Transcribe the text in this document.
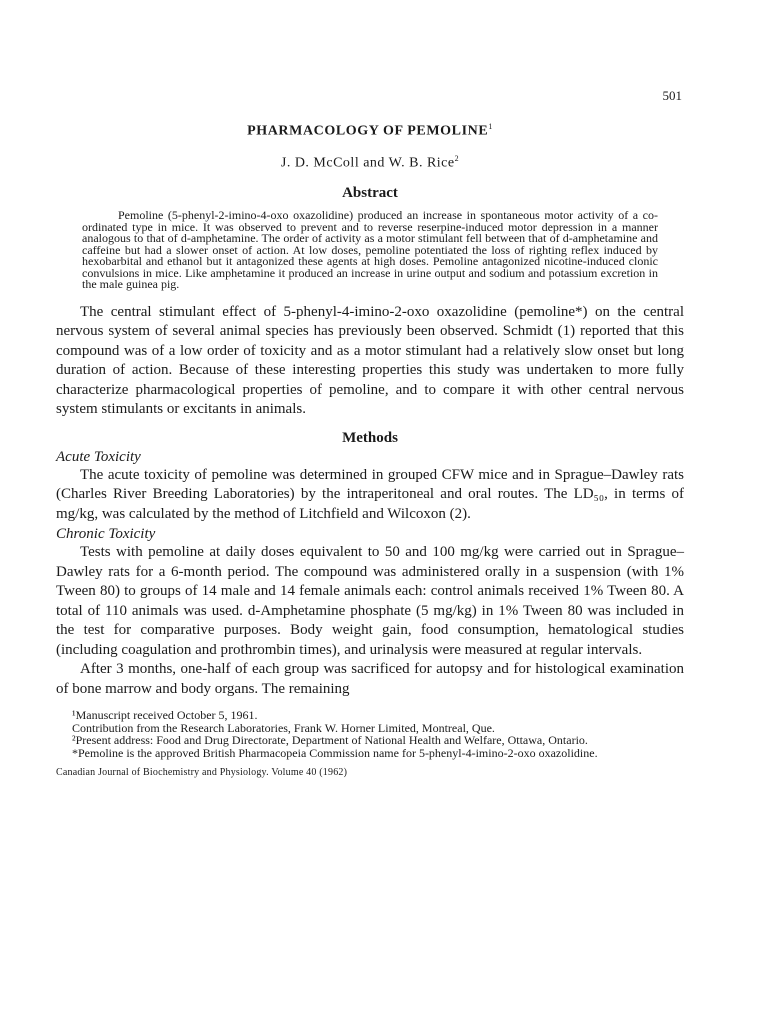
501
PHARMACOLOGY OF PEMOLINE$^1$
J. D. McColl and W. B. Rice$^2$
Abstract
Pemoline (5-phenyl-2-imino-4-oxo oxazolidine) produced an increase in spontaneous motor activity of a co-ordinated type in mice. It was observed to prevent and to reverse reserpine-induced motor depression in a manner analogous to that of d-amphetamine. The order of activity as a motor stimulant fell between that of d-amphetamine and caffeine but had a slower onset of action. At low doses, pemoline potentiated the loss of righting reflex induced by hexobarbital and ethanol but it antagonized these agents at high doses. Pemoline antagonized nicotine-induced clonic convulsions in mice. Like amphetamine it produced an increase in urine output and sodium and potassium excretion in the male guinea pig.

The central stimulant effect of 5-phenyl-4-imino-2-oxo oxazolidine (pemoline*) on the central nervous system of several animal species has previously been observed. Schmidt (1) reported that this compound was of a low order of toxicity and as a motor stimulant had a relatively slow onset but long duration of action. Because of these interesting properties this study was undertaken to more fully characterize pharmacological properties of pemoline, and to compare it with other central nervous system stimulants or excitants in animals.

Methods
Acute Toxicity

The acute toxicity of pemoline was determined in grouped CFW mice and in Sprague–Dawley rats (Charles River Breeding Laboratories) by the intraperitoneal and oral routes. The LD₅₀, in terms of mg/kg, was calculated by the method of Litchfield and Wilcoxon (2).

Chronic Toxicity

Tests with pemoline at daily doses equivalent to 50 and 100 mg/kg were carried out in Sprague–Dawley rats for a 6-month period. The compound was administered orally in a suspension (with 1% Tween 80) to groups of 14 male and 14 female animals each: control animals received 1% Tween 80. A total of 110 animals was used. d-Amphetamine phosphate (5 mg/kg) in 1% Tween 80 was included in the test for comparative purposes. Body weight gain, food consumption, hematological studies (including coagulation and prothrombin times), and urinalysis were measured at regular intervals.

After 3 months, one-half of each group was sacrificed for autopsy and for histological examination of bone marrow and body organs. The remaining

¹Manuscript received October 5, 1961.
Contribution from the Research Laboratories, Frank W. Horner Limited, Montreal, Que.
²Present address: Food and Drug Directorate, Department of National Health and Welfare, Ottawa, Ontario.
*Pemoline is the approved British Pharmacopeia Commission name for 5-phenyl-4-imino-2-oxo oxazolidine.
Canadian Journal of Biochemistry and Physiology. Volume 40 (1962)
